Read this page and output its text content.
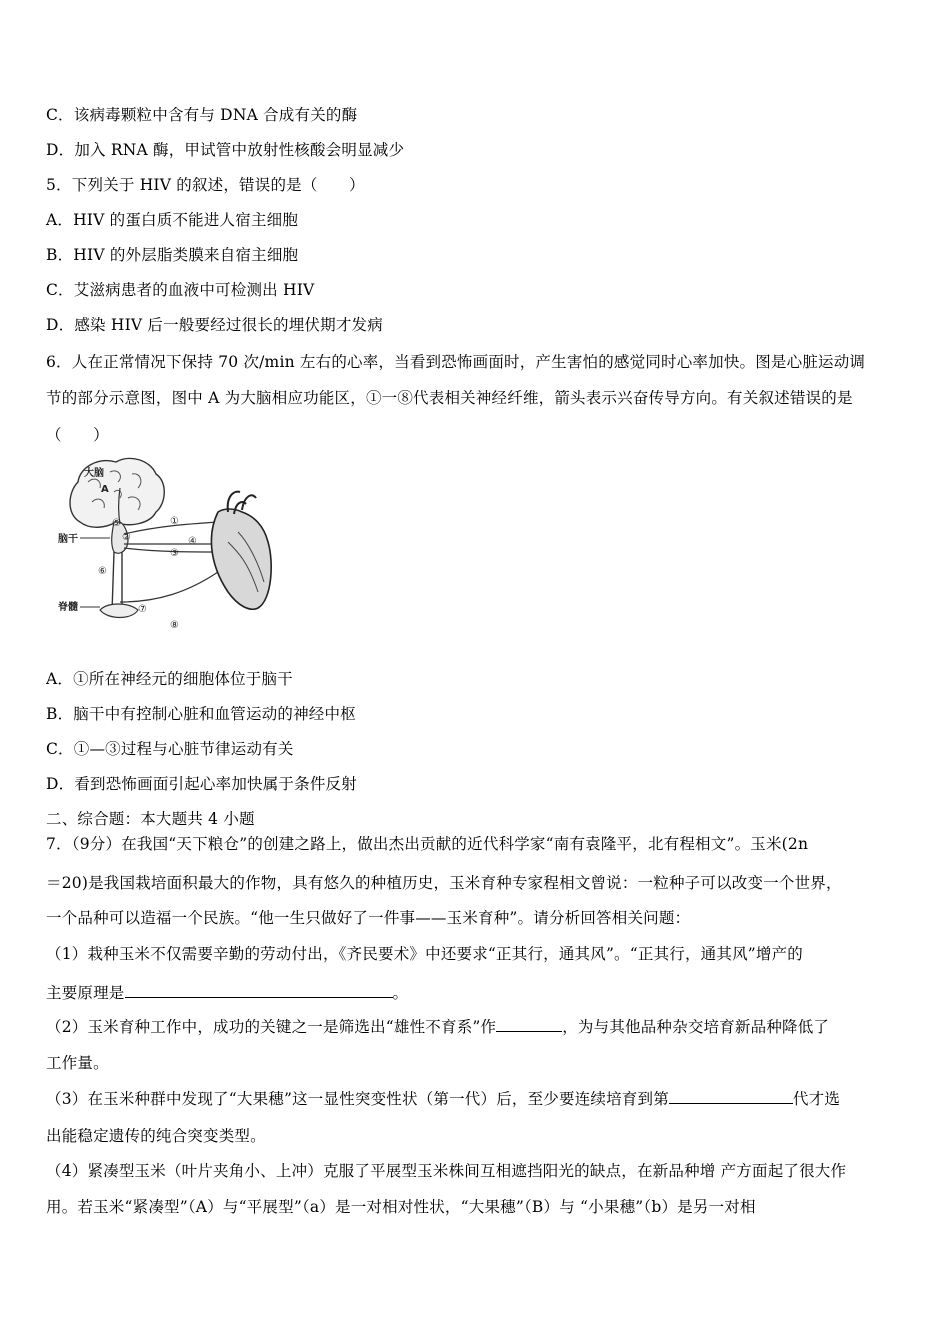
C．该病毒颗粒中含有与 DNA 合成有关的酶
D．加入 RNA 酶，甲试管中放射性核酸会明显减少
5．下列关于 HIV 的叙述，错误的是（　　）
A．HIV 的蛋白质不能进人宿主细胞
B．HIV 的外层脂类膜来自宿主细胞
C．艾滋病患者的血液中可检测出 HIV
D．感染 HIV 后一般要经过很长的埋伏期才发病
6．人在正常情况下保持 70 次/min 左右的心率，当看到恐怖画面时，产生害怕的感觉同时心率加快。图是心脏运动调
节的部分示意图，图中 A 为大脑相应功能区，①一⑧代表相关神经纤维，箭头表示兴奋传导方向。有关叙述错误的是
（　　）
大脑
A
脑干
脊髓
⑤	①
②
③
④
⑥
⑦
⑧
A．①所在神经元的细胞体位于脑干
B．脑干中有控制心脏和血管运动的神经中枢
C．①—③过程与心脏节律运动有关
D．看到恐怖画面引起心率加快属于条件反射
二、综合题：本大题共 4 小题
7．（9分）在我国“天下粮仓”的创建之路上，做出杰出贡献的近代科学家“南有袁隆平，北有程相文”。玉米(2n
＝20)是我国栽培面积最大的作物，具有悠久的种植历史，玉米育种专家程相文曾说：一粒种子可以改变一个世界，
一个品种可以造福一个民族。“他一生只做好了一件事——玉米育种”。请分析回答相关问题：
（1）栽种玉米不仅需要辛勤的劳动付出，《齐民要术》中还要求“正其行，通其风”。“正其行，通其风”增产的
主要原理是	。
（2）玉米育种工作中，成功的关键之一是筛选出“雄性不育系”作	，为与其他品种杂交培育新品种降低了
工作量。
（3）在玉米种群中发现了“大果穗”这一显性突变性状（第一代）后，至少要连续培育到第	代才选
出能稳定遗传的纯合突变类型。
（4）紧凑型玉米（叶片夹角小、上冲）克服了平展型玉米株间互相遮挡阳光的缺点，在新品种增 产方面起了很大作
用。若玉米“紧凑型”（A）与“平展型”（a）是一对相对性状，“大果穗”（B）与 “小果穗”（b）是另一对相
